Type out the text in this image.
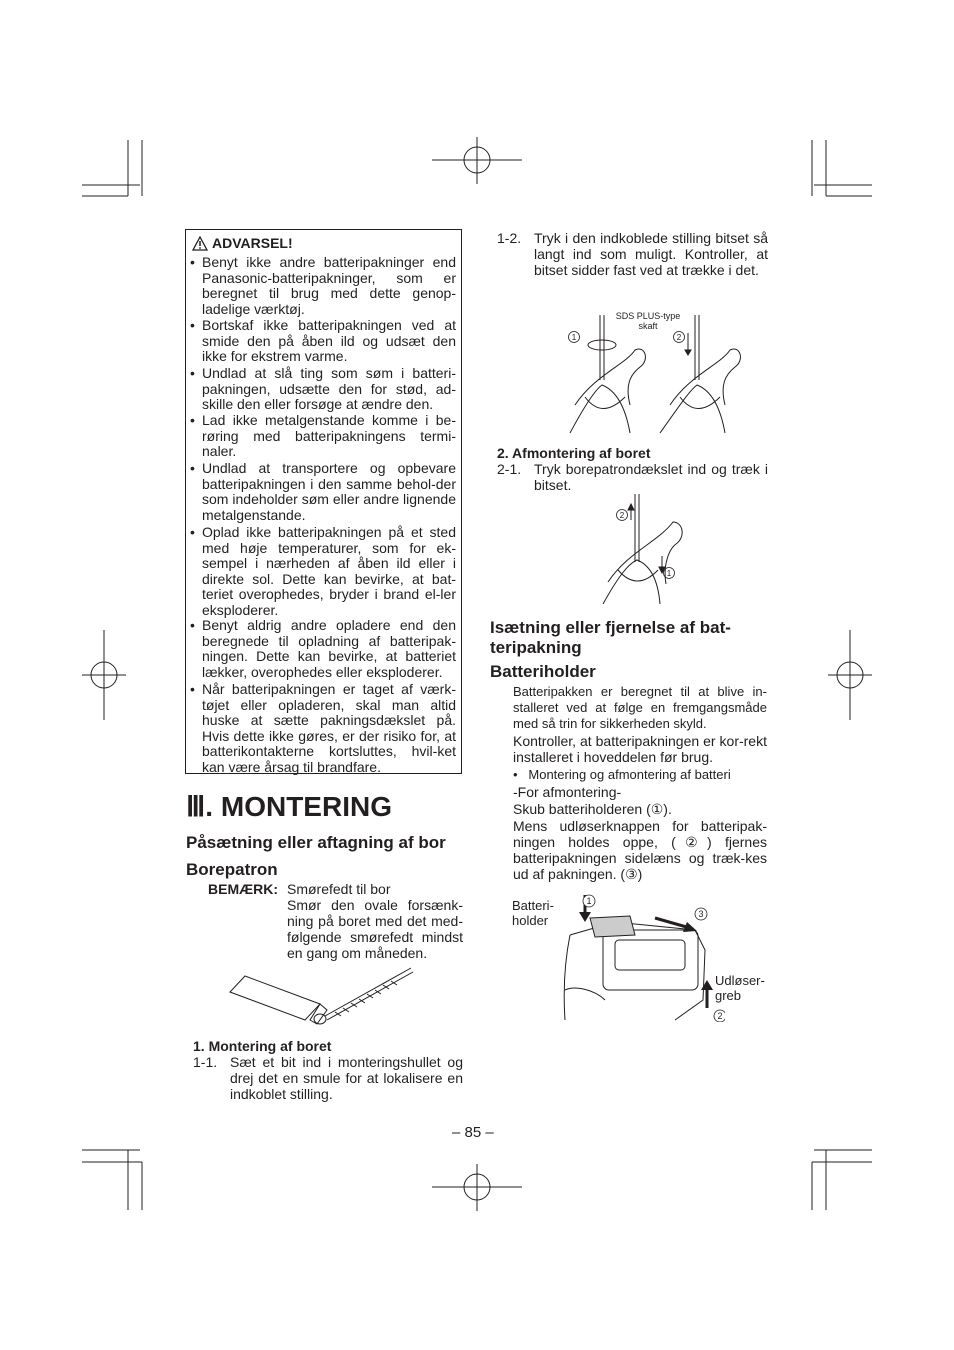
ADVARSEL!
• Benyt ikke andre batteripakninger end Panasonic-batteripakninger, som er beregnet til brug med dette genop-ladelige værktøj.
• Bortskaf ikke batteripakningen ved at smide den på åben ild og udsæt den ikke for ekstrem varme.
• Undlad at slå ting som søm i batteri-pakningen, udsætte den for stød, ad-skille den eller forsøge at ændre den.
• Lad ikke metalgenstande komme i be-røring med batteripakningens termi-naler.
• Undlad at transportere og opbevare batteripakningen i den samme behol-der som indeholder søm eller andre lignende metalgenstande.
• Oplad ikke batteripakningen på et sted med høje temperaturer, som for ek-sempel i nærheden af åben ild eller i direkte sol. Dette kan bevirke, at bat-teriet overophedes, bryder i brand el-ler eksploderer.
• Benyt aldrig andre opladere end den beregnede til opladning af batteripak-ningen. Dette kan bevirke, at batteriet lækker, overophedes eller eksploderer.
• Når batteripakningen er taget af værk-tøjet eller opladeren, skal man altid huske at sætte pakningsdækslet på. Hvis dette ikke gøres, er der risiko for, at batterikontakterne kortsluttes, hvil-ket kan være årsag til brandfare.
Ⅲ. MONTERING
Påsætning eller aftagning af bor
Borepatron
BEMÆRK: Smørefedt til bor
Smør den ovale forsænk-ning på boret med det med-følgende smørefedt mindst en gang om måneden.
1. Montering af boret
1-1. Sæt et bit ind i monteringshullet og drej det en smule for at lokalisere en indkoblet stilling.
1-2. Tryk i den indkoblede stilling bitset så langt ind som muligt. Kontroller, at bitset sidder fast ved at trække i det.
1	2
SDS PLUS-type skaft
2. Afmontering af boret
2-1. Tryk borepatrondækslet ind og træk i bitset.
2
1
Isætning eller fjernelse af bat-teripakning
Batteriholder
Batteripakken er beregnet til at blive in-stalleret ved at følge en fremgangsmåde med så trin for sikkerheden skyld.
Kontroller, at batteripakningen er kor-rekt installeret i hoveddelen før brug.
•   Montering og afmontering af batteri
-For afmontering-
Skub batteriholderen (①).
Mens udløserknappen for batteripak-ningen holdes oppe, (②) fjernes batteripakningen sidelæns og træk-kes ud af pakningen. (③)
1
3
2
Batteri-holder
Udløser-greb
– 85 –
